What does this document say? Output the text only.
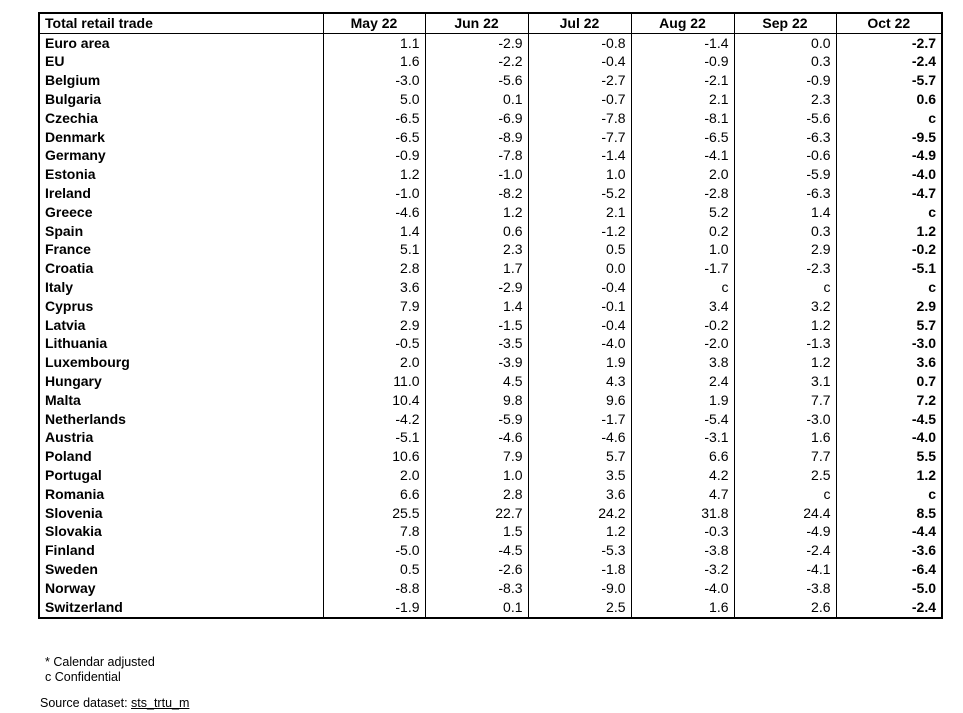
Total retail trade	May 22	Jun 22	Jul 22	Aug 22	Sep 22	Oct 22
Euro area	1.1	-2.9	-0.8	-1.4	0.0	-2.7
EU	1.6	-2.2	-0.4	-0.9	0.3	-2.4
Belgium	-3.0	-5.6	-2.7	-2.1	-0.9	-5.7
Bulgaria	5.0	0.1	-0.7	2.1	2.3	0.6
Czechia	-6.5	-6.9	-7.8	-8.1	-5.6	c
Denmark	-6.5	-8.9	-7.7	-6.5	-6.3	-9.5
Germany	-0.9	-7.8	-1.4	-4.1	-0.6	-4.9
Estonia	1.2	-1.0	1.0	2.0	-5.9	-4.0
Ireland	-1.0	-8.2	-5.2	-2.8	-6.3	-4.7
Greece	-4.6	1.2	2.1	5.2	1.4	c
Spain	1.4	0.6	-1.2	0.2	0.3	1.2
France	5.1	2.3	0.5	1.0	2.9	-0.2
Croatia	2.8	1.7	0.0	-1.7	-2.3	-5.1
Italy	3.6	-2.9	-0.4	c	c	c
Cyprus	7.9	1.4	-0.1	3.4	3.2	2.9
Latvia	2.9	-1.5	-0.4	-0.2	1.2	5.7
Lithuania	-0.5	-3.5	-4.0	-2.0	-1.3	-3.0
Luxembourg	2.0	-3.9	1.9	3.8	1.2	3.6
Hungary	11.0	4.5	4.3	2.4	3.1	0.7
Malta	10.4	9.8	9.6	1.9	7.7	7.2
Netherlands	-4.2	-5.9	-1.7	-5.4	-3.0	-4.5
Austria	-5.1	-4.6	-4.6	-3.1	1.6	-4.0
Poland	10.6	7.9	5.7	6.6	7.7	5.5
Portugal	2.0	1.0	3.5	4.2	2.5	1.2
Romania	6.6	2.8	3.6	4.7	c	c
Slovenia	25.5	22.7	24.2	31.8	24.4	8.5
Slovakia	7.8	1.5	1.2	-0.3	-4.9	-4.4
Finland	-5.0	-4.5	-5.3	-3.8	-2.4	-3.6
Sweden	0.5	-2.6	-1.8	-3.2	-4.1	-6.4
Norway	-8.8	-8.3	-9.0	-4.0	-3.8	-5.0
Switzerland	-1.9	0.1	2.5	1.6	2.6	-2.4
* Calendar adjusted
c Confidential
Source dataset: sts_trtu_m
